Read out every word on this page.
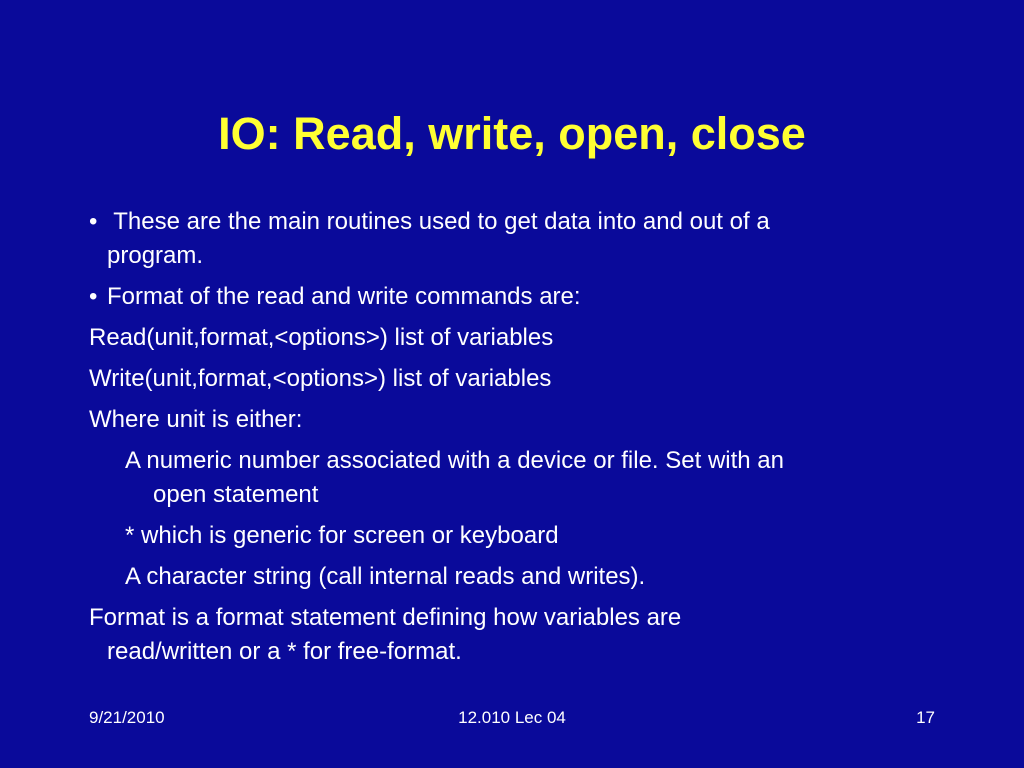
IO: Read, write, open, close
• These are the main routines used to get data into and out of a
program.
• Format of the read and write commands are:
Read(unit,format,<options>) list of variables
Write(unit,format,<options>) list of variables
Where unit is either:
A numeric number associated with a device or file. Set with an
open statement
* which is generic for screen or keyboard
A character string (call internal reads and writes).
Format is a format statement defining how variables are
read/written or a * for free-format.
9/21/2010	12.010 Lec 04	17
